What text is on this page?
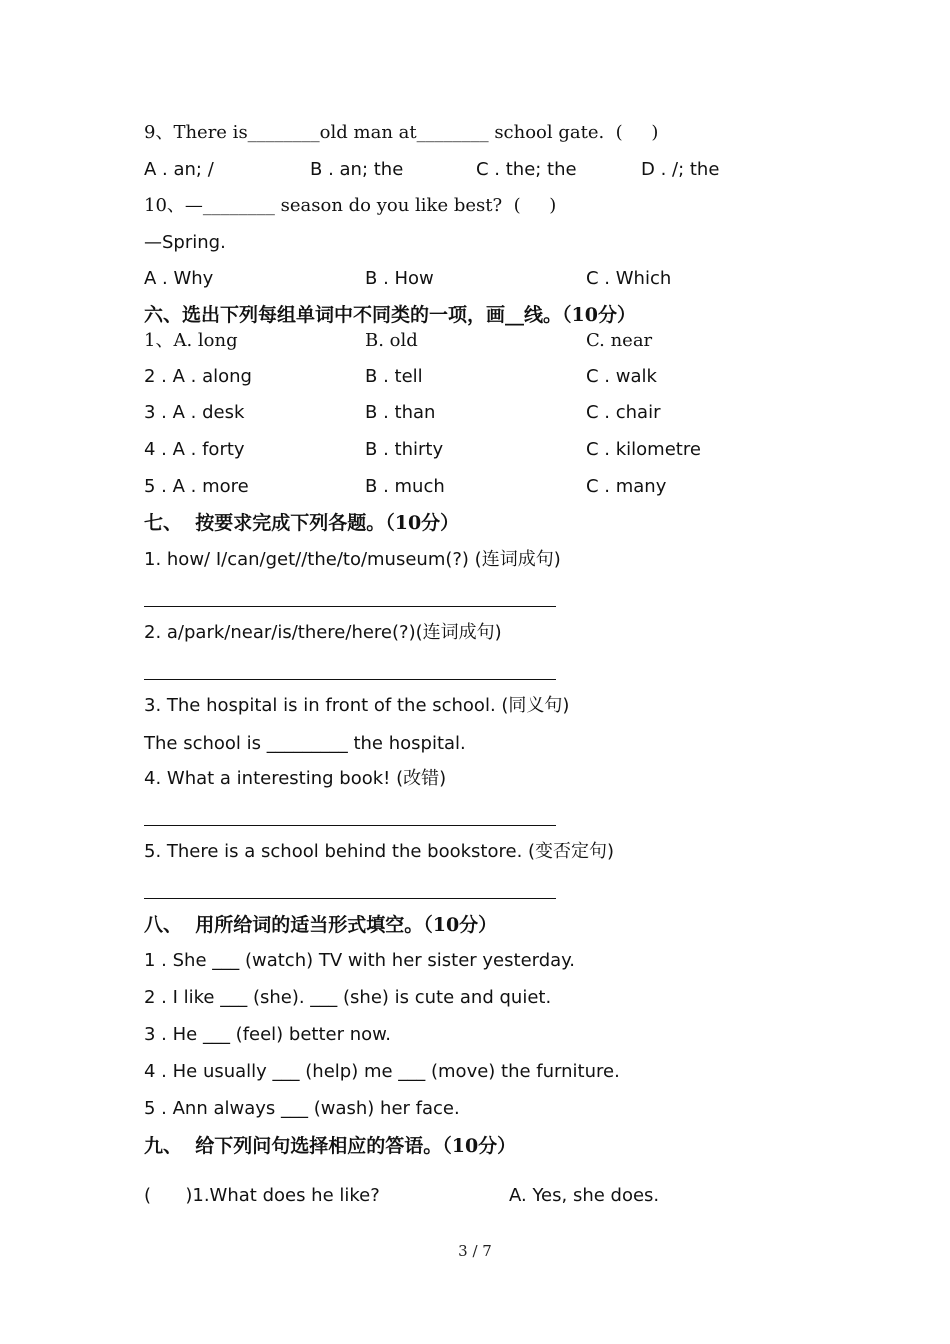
9、There is________old man at________ school gate.  (     )
A . an; /	B . an; the	C . the; the	D . /; the
10、—________ season do you like best?  (     )
—Spring.
A . Why	B . How	C . Which
六、选出下列每组单词中不同类的一项，画__线。（10分）
1、A. long	B. old	C. near
2 . A . along	B . tell	C . walk
3 . A . desk	B . than	C . chair
4 . A . forty	B . thirty	C . kilometre
5 . A . more	B . much	C . many
七、  按要求完成下列各题。（10分）
1. how/ I/can/get//the/to/museum(?) (连词成句)
2. a/park/near/is/there/here(?)(连词成句)
3. The hospital is in front of the school. (同义句)
The school is _________ the hospital.
4. What a interesting book! (改错)
5. There is a school behind the bookstore. (变否定句)
八、  用所给词的适当形式填空。（10分）
1 . She ___ (watch) TV with her sister yesterday.
2 . I like ___ (she). ___ (she) is cute and quiet.
3 . He ___ (feel) better now.
4 . He usually ___ (help) me ___ (move) the furniture.
5 . Ann always ___ (wash) her face.
九、  给下列问句选择相应的答语。（10分）
(      )1.What does he like?	A. Yes, she does.
3 / 7
